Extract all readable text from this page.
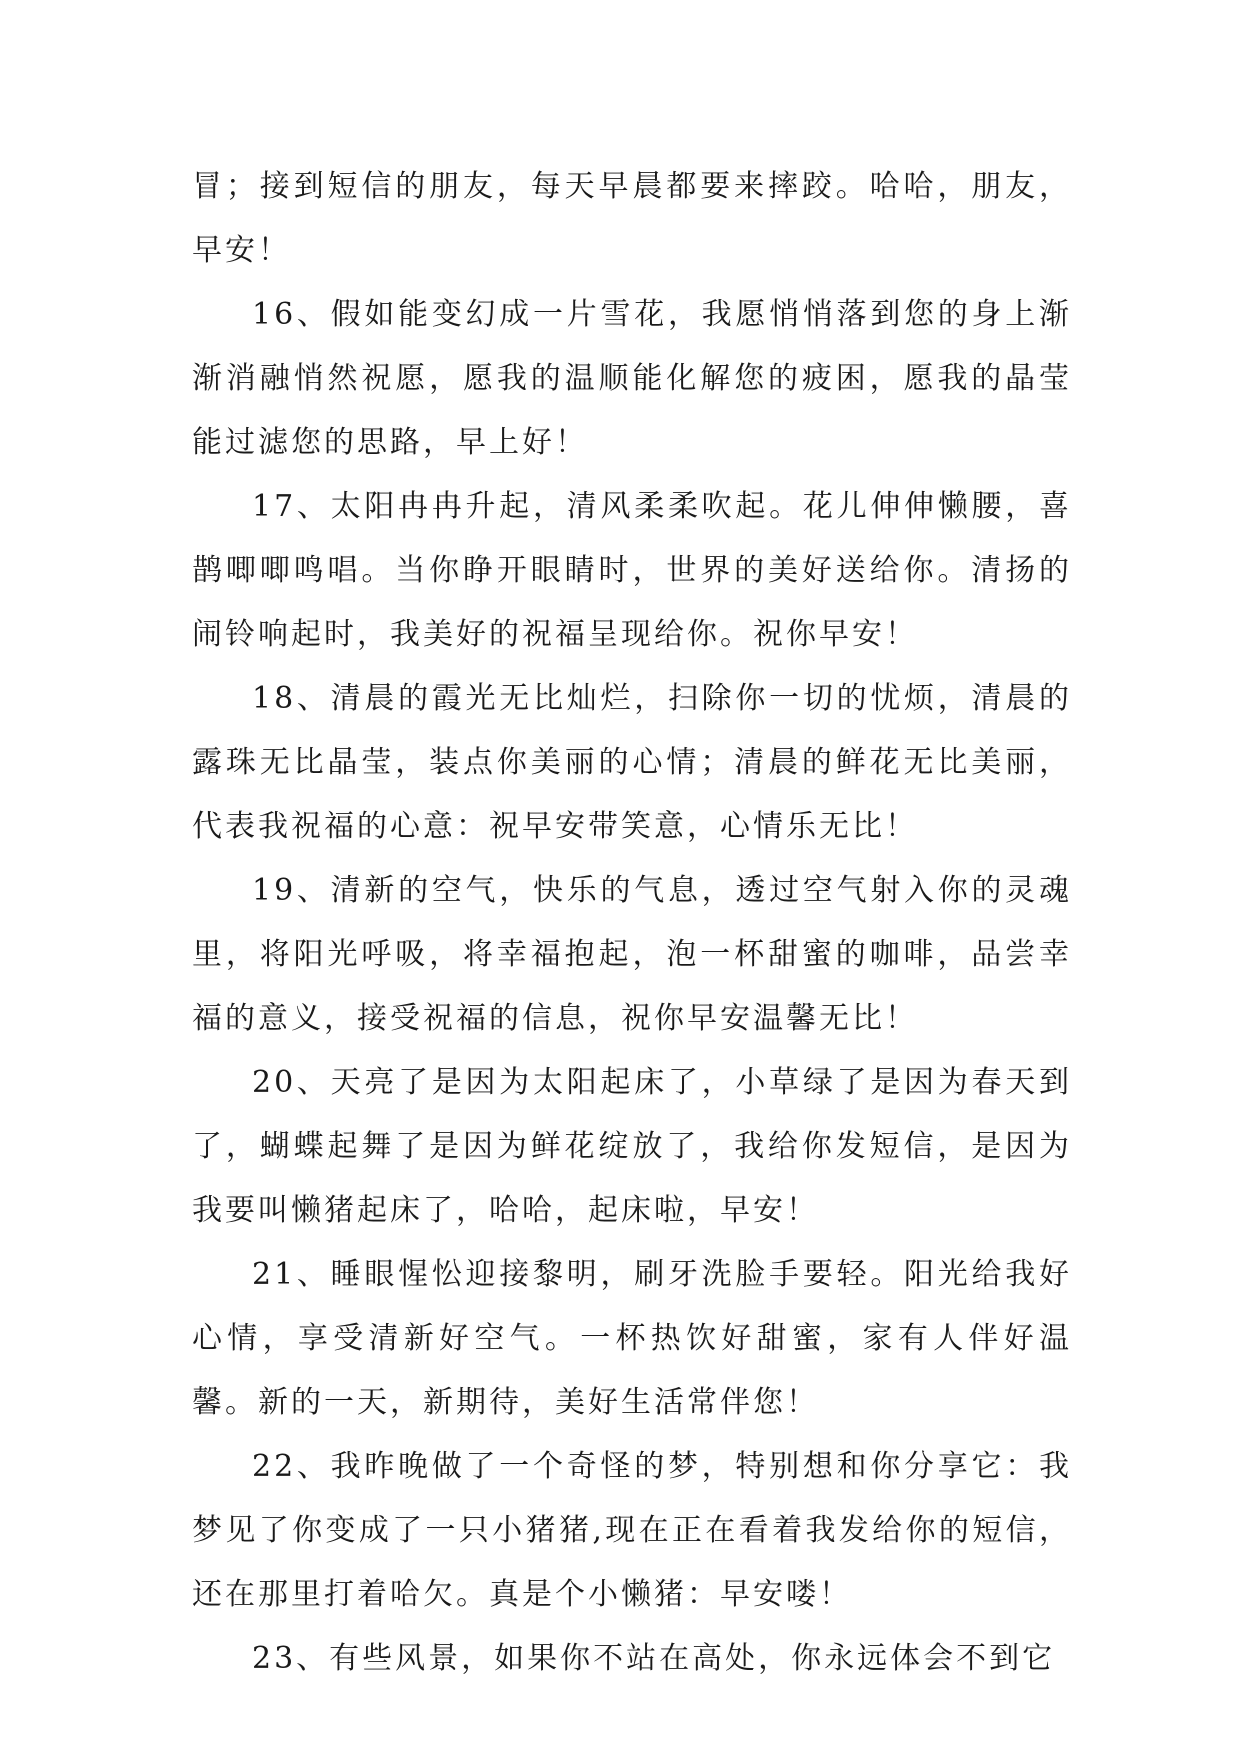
冒；接到短信的朋友，每天早晨都要来摔跤。哈哈，朋友，早安！

16、假如能变幻成一片雪花，我愿悄悄落到您的身上渐渐消融悄然祝愿，愿我的温顺能化解您的疲困，愿我的晶莹能过滤您的思路，早上好！

17、太阳冉冉升起，清风柔柔吹起。花儿伸伸懒腰，喜鹊唧唧鸣唱。当你睁开眼睛时，世界的美好送给你。清扬的闹铃响起时，我美好的祝福呈现给你。祝你早安！

18、清晨的霞光无比灿烂，扫除你一切的忧烦，清晨的露珠无比晶莹，装点你美丽的心情；清晨的鲜花无比美丽，代表我祝福的心意：祝早安带笑意，心情乐无比！

19、清新的空气，快乐的气息，透过空气射入你的灵魂里，将阳光呼吸，将幸福抱起，泡一杯甜蜜的咖啡，品尝幸福的意义，接受祝福的信息，祝你早安温馨无比！

20、天亮了是因为太阳起床了，小草绿了是因为春天到了，蝴蝶起舞了是因为鲜花绽放了，我给你发短信，是因为我要叫懒猪起床了，哈哈，起床啦，早安！

21、睡眼惺忪迎接黎明，刷牙洗脸手要轻。阳光给我好心情，享受清新好空气。一杯热饮好甜蜜，家有人伴好温馨。新的一天，新期待，美好生活常伴您！

22、我昨晚做了一个奇怪的梦，特别想和你分享它：我梦见了你变成了一只小猪猪,现在正在看着我发给你的短信，还在那里打着哈欠。真是个小懒猪：早安喽！

23、有些风景，如果你不站在高处，你永远体会不到它
